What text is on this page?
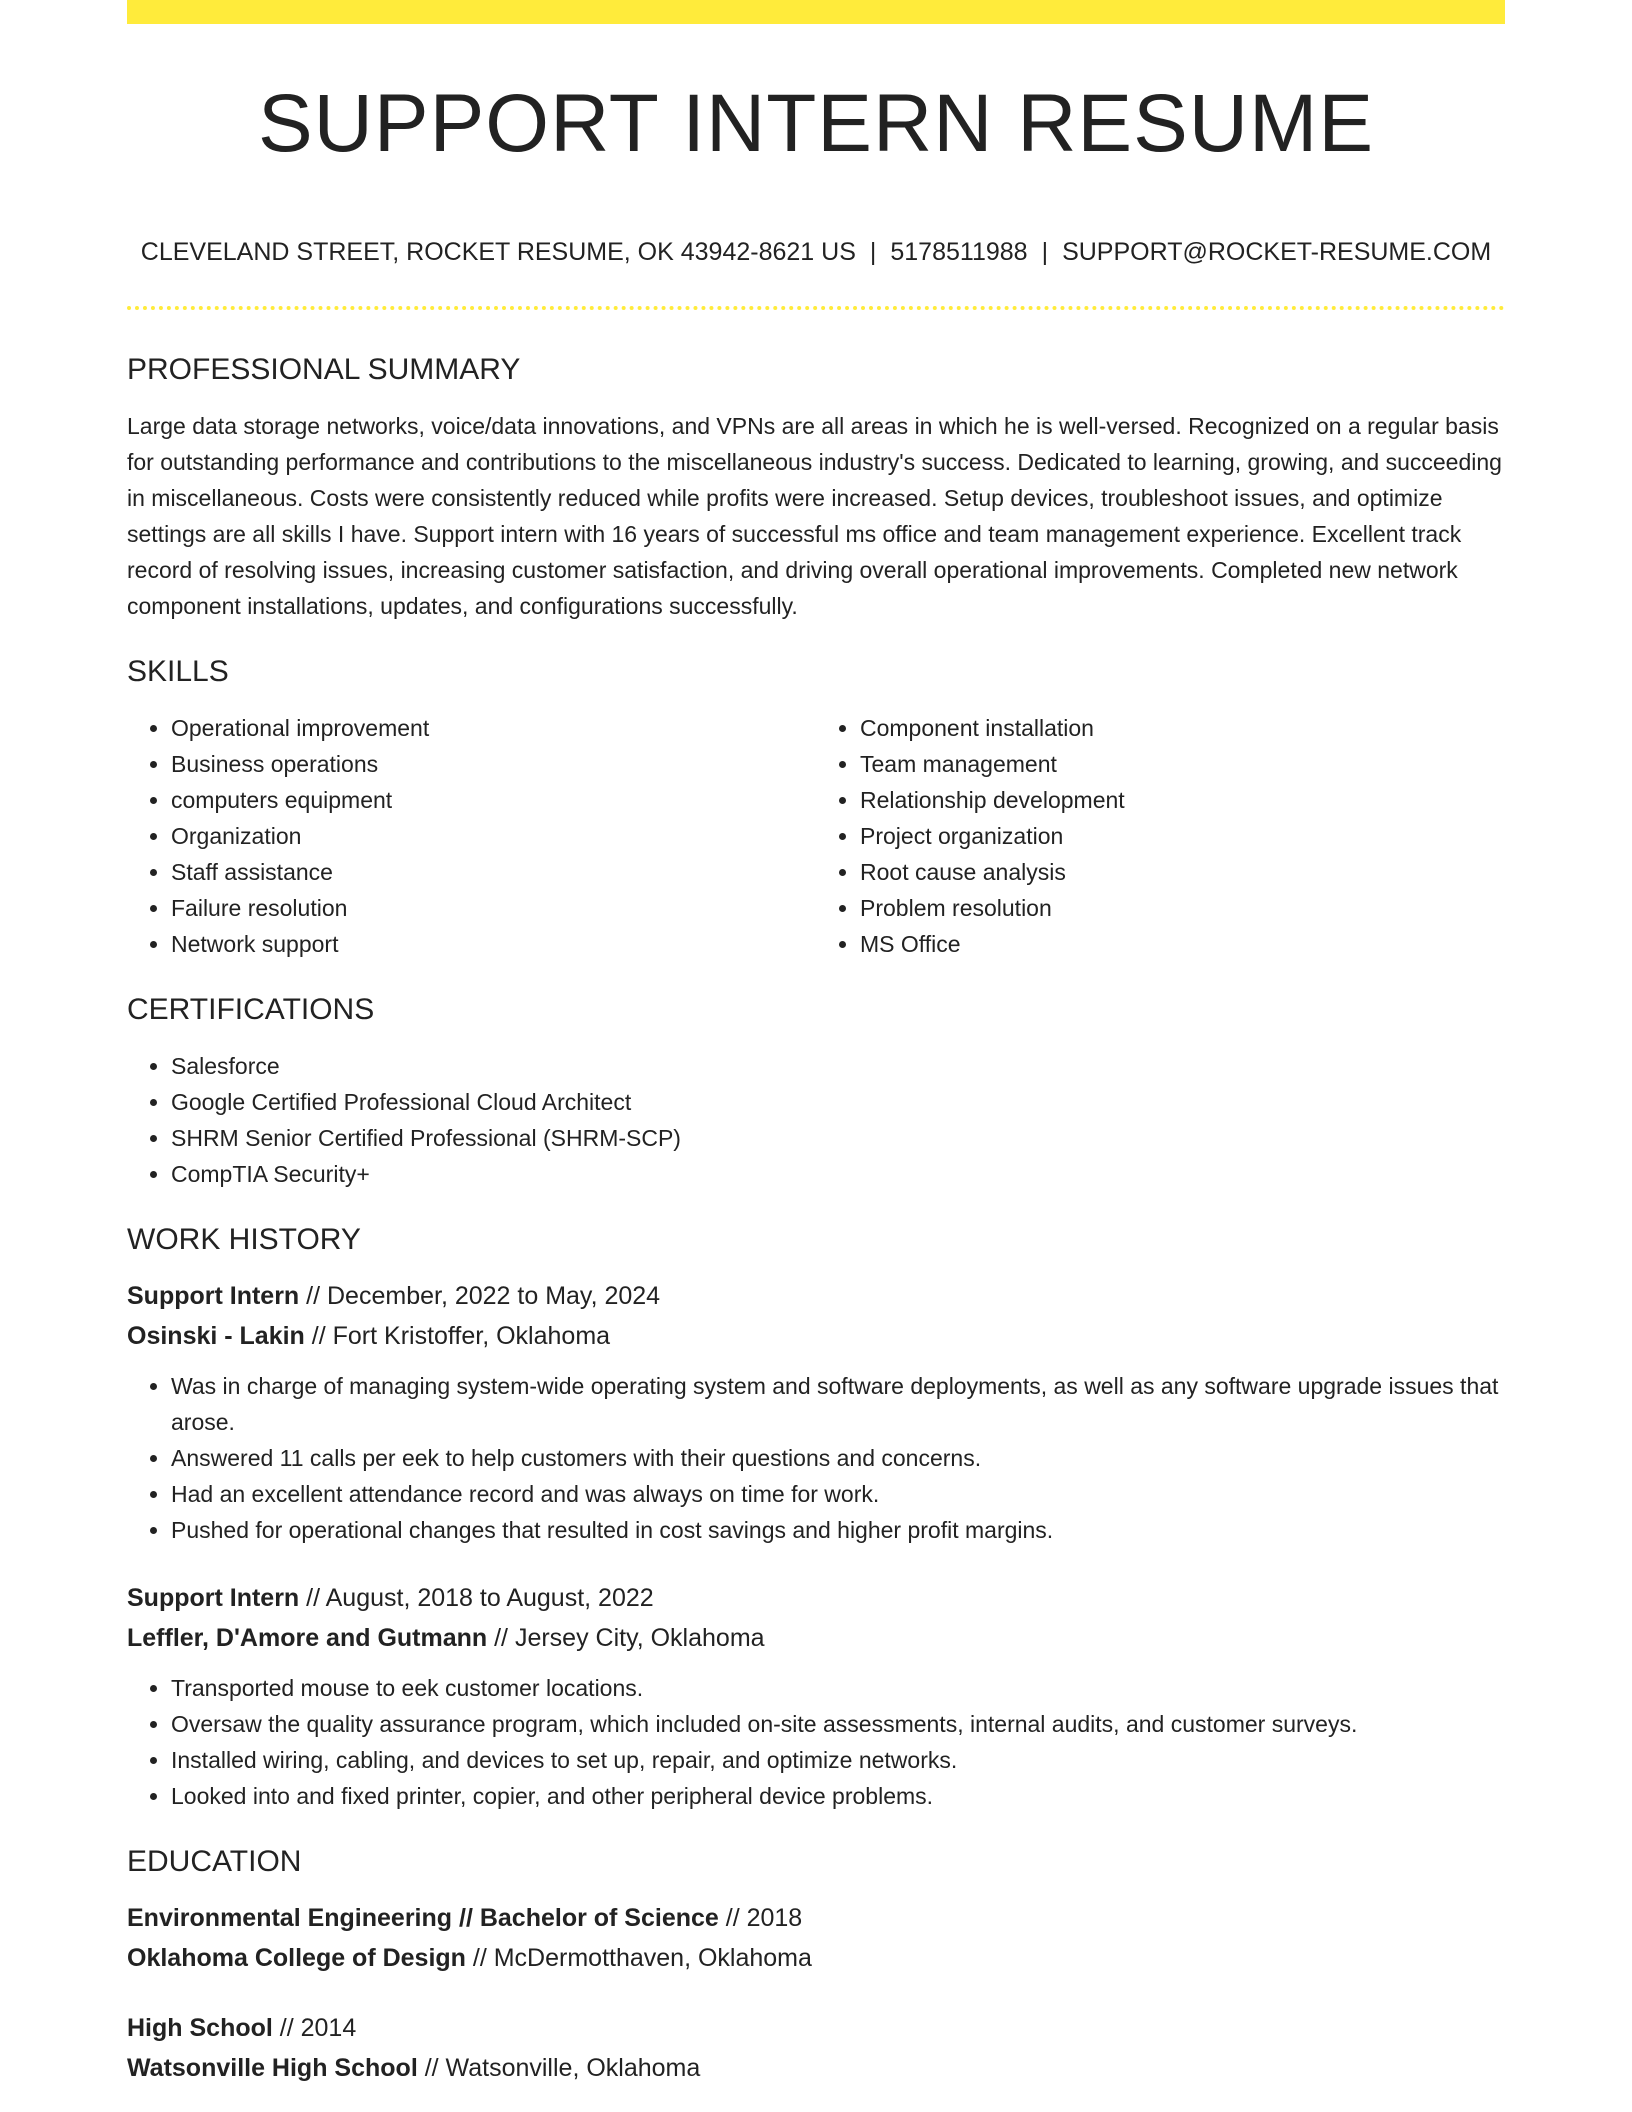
SUPPORT INTERN RESUME
CLEVELAND STREET, ROCKET RESUME, OK 43942-8621 US | 5178511988 | SUPPORT@ROCKET-RESUME.COM
PROFESSIONAL SUMMARY

Large data storage networks, voice/data innovations, and VPNs are all areas in which he is well-versed. Recognized on a regular basis for outstanding performance and contributions to the miscellaneous industry's success. Dedicated to learning, growing, and succeeding in miscellaneous. Costs were consistently reduced while profits were increased. Setup devices, troubleshoot issues, and optimize settings are all skills I have. Support intern with 16 years of successful ms office and team management experience. Excellent track record of resolving issues, increasing customer satisfaction, and driving overall operational improvements. Completed new network component installations, updates, and configurations successfully.

SKILLS
• Operational improvement
• Business operations
• computers equipment
• Organization
• Staff assistance
• Failure resolution
• Network support
• Component installation
• Team management
• Relationship development
• Project organization
• Root cause analysis
• Problem resolution
• MS Office
CERTIFICATIONS
• Salesforce
• Google Certified Professional Cloud Architect
• SHRM Senior Certified Professional (SHRM-SCP)
• CompTIA Security+
WORK HISTORY
Support Intern // December, 2022 to May, 2024
Osinski - Lakin // Fort Kristoffer, Oklahoma
• Was in charge of managing system-wide operating system and software deployments, as well as any software upgrade issues that arose.
• Answered 11 calls per eek to help customers with their questions and concerns.
• Had an excellent attendance record and was always on time for work.
• Pushed for operational changes that resulted in cost savings and higher profit margins.
Support Intern // August, 2018 to August, 2022
Leffler, D'Amore and Gutmann // Jersey City, Oklahoma
• Transported mouse to eek customer locations.
• Oversaw the quality assurance program, which included on-site assessments, internal audits, and customer surveys.
• Installed wiring, cabling, and devices to set up, repair, and optimize networks.
• Looked into and fixed printer, copier, and other peripheral device problems.
EDUCATION
Environmental Engineering // Bachelor of Science // 2018
Oklahoma College of Design // McDermotthaven, Oklahoma
High School // 2014
Watsonville High School // Watsonville, Oklahoma
